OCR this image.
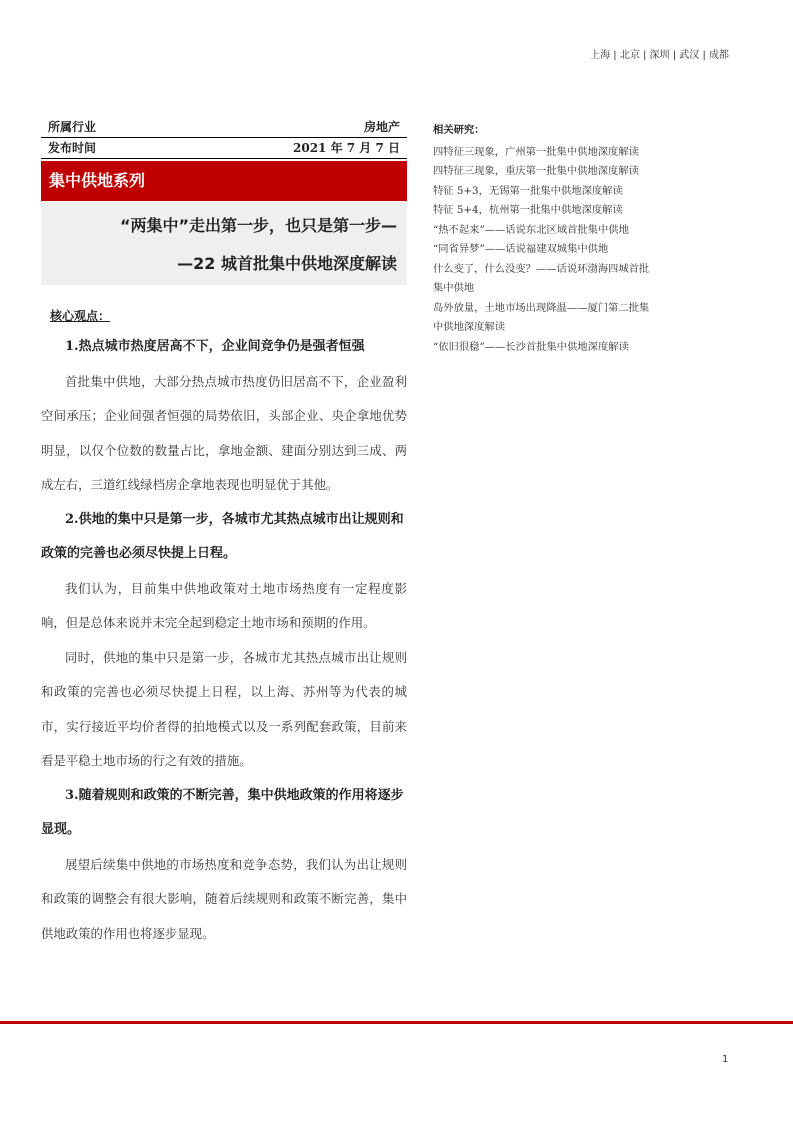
上海 | 北京 | 深圳 | 武汉 | 成都
所属行业	房地产
发布时间	2021 年 7 月 7 日
集中供地系列
“两集中”走出第一步，也只是第一步—
—22 城首批集中供地深度解读
核心观点：

1.热点城市热度居高不下，企业间竞争仍是强者恒强

首批集中供地，大部分热点城市热度仍旧居高不下，企业盈利空间承压；企业间强者恒强的局势依旧，头部企业、央企拿地优势明显，以仅个位数的数量占比，拿地金额、建面分别达到三成、两成左右，三道红线绿档房企拿地表现也明显优于其他。

2.供地的集中只是第一步，各城市尤其热点城市出让规则和政策的完善也必须尽快提上日程。

我们认为，目前集中供地政策对土地市场热度有一定程度影响，但是总体来说并未完全起到稳定土地市场和预期的作用。

同时，供地的集中只是第一步，各城市尤其热点城市出让规则和政策的完善也必须尽快提上日程，以上海、苏州等为代表的城市，实行接近平均价者得的拍地模式以及一系列配套政策，目前来看是平稳土地市场的行之有效的措施。

3.随着规则和政策的不断完善，集中供地政策的作用将逐步显现。

展望后续集中供地的市场热度和竞争态势，我们认为出让规则和政策的调整会有很大影响，随着后续规则和政策不断完善，集中供地政策的作用也将逐步显现。

相关研究：
四特征三现象，广州第一批集中供地深度解读
四特征三现象，重庆第一批集中供地深度解读
特征 5+3，无锡第一批集中供地深度解读
特征 5+4，杭州第一批集中供地深度解读
“热不起来”——话说东北区域首批集中供地
“同省异梦”——话说福建双城集中供地
什么变了，什么没变？——话说环渤海四城首批
集中供地
岛外放量，土地市场出现降温——厦门第二批集
中供地深度解读
“依旧很稳”——长沙首批集中供地深度解读
1
